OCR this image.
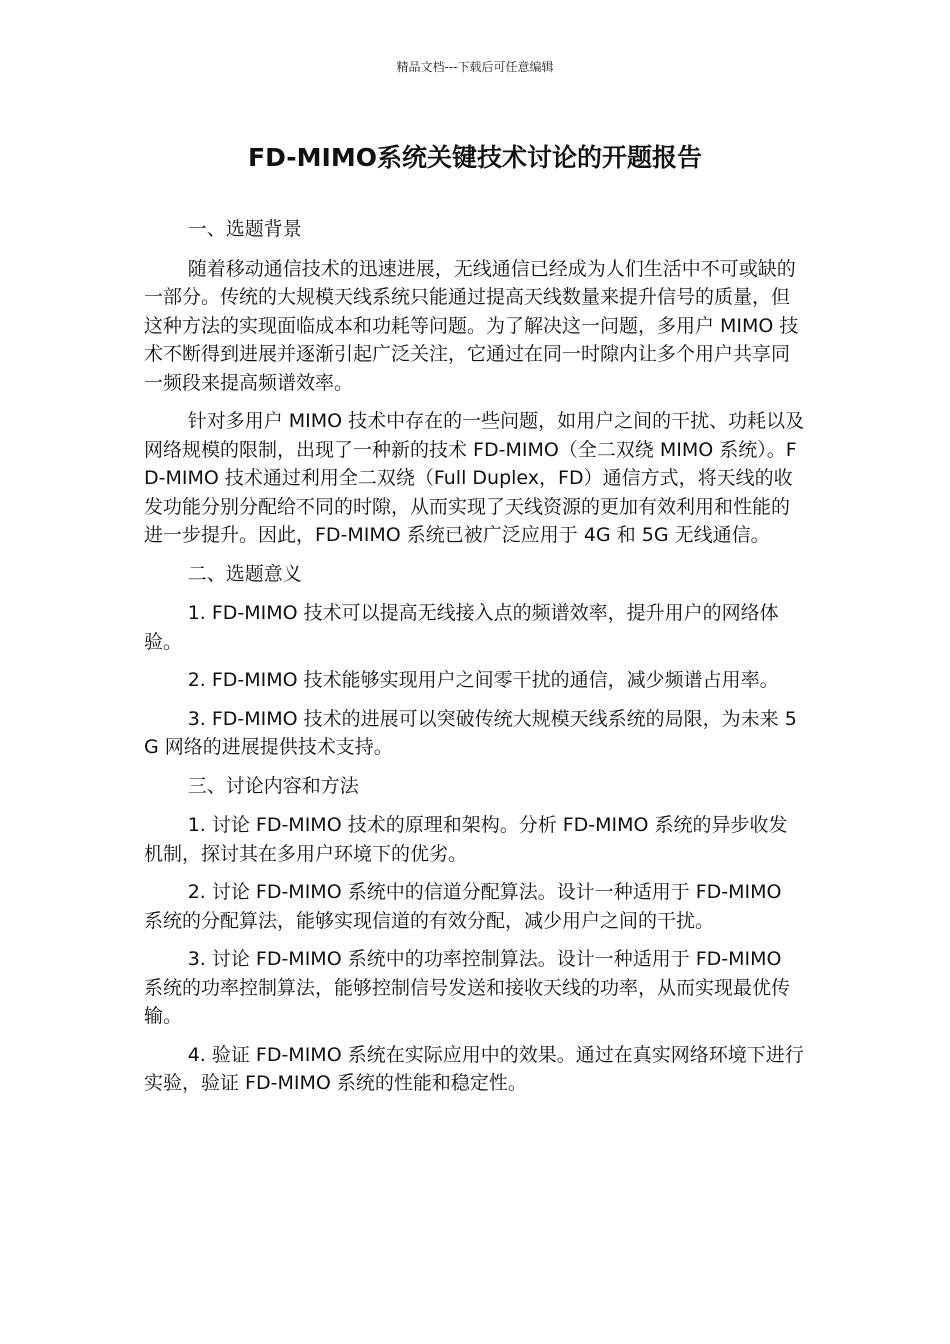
精品文档---下载后可任意编辑
FD-MIMO系统关键技术讨论的开题报告

一、选题背景

随着移动通信技术的迅速进展，无线通信已经成为人们生活中不可或缺的一部分。传统的大规模天线系统只能通过提高天线数量来提升信号的质量，但这种方法的实现面临成本和功耗等问题。为了解决这一问题，多用户 MIMO 技术不断得到进展并逐渐引起广泛关注，它通过在同一时隙内让多个用户共享同一频段来提高频谱效率。

针对多用户 MIMO 技术中存在的一些问题，如用户之间的干扰、功耗以及网络规模的限制，出现了一种新的技术 FD-MIMO（全二双绕 MIMO 系统）。FD-MIMO 技术通过利用全二双绕（Full Duplex，FD）通信方式，将天线的收发功能分别分配给不同的时隙，从而实现了天线资源的更加有效利用和性能的进一步提升。因此，FD-MIMO 系统已被广泛应用于 4G 和 5G 无线通信。

二、选题意义

1. FD-MIMO 技术可以提高无线接入点的频谱效率，提升用户的网络体验。

2. FD-MIMO 技术能够实现用户之间零干扰的通信，减少频谱占用率。

3. FD-MIMO 技术的进展可以突破传统大规模天线系统的局限，为未来 5G 网络的进展提供技术支持。

三、讨论内容和方法

1. 讨论 FD-MIMO 技术的原理和架构。分析 FD-MIMO 系统的异步收发机制，探讨其在多用户环境下的优劣。

2. 讨论 FD-MIMO 系统中的信道分配算法。设计一种适用于 FD-MIMO 系统的分配算法，能够实现信道的有效分配，减少用户之间的干扰。

3. 讨论 FD-MIMO 系统中的功率控制算法。设计一种适用于 FD-MIMO 系统的功率控制算法，能够控制信号发送和接收天线的功率，从而实现最优传输。

4. 验证 FD-MIMO 系统在实际应用中的效果。通过在真实网络环境下进行实验，验证 FD-MIMO 系统的性能和稳定性。
